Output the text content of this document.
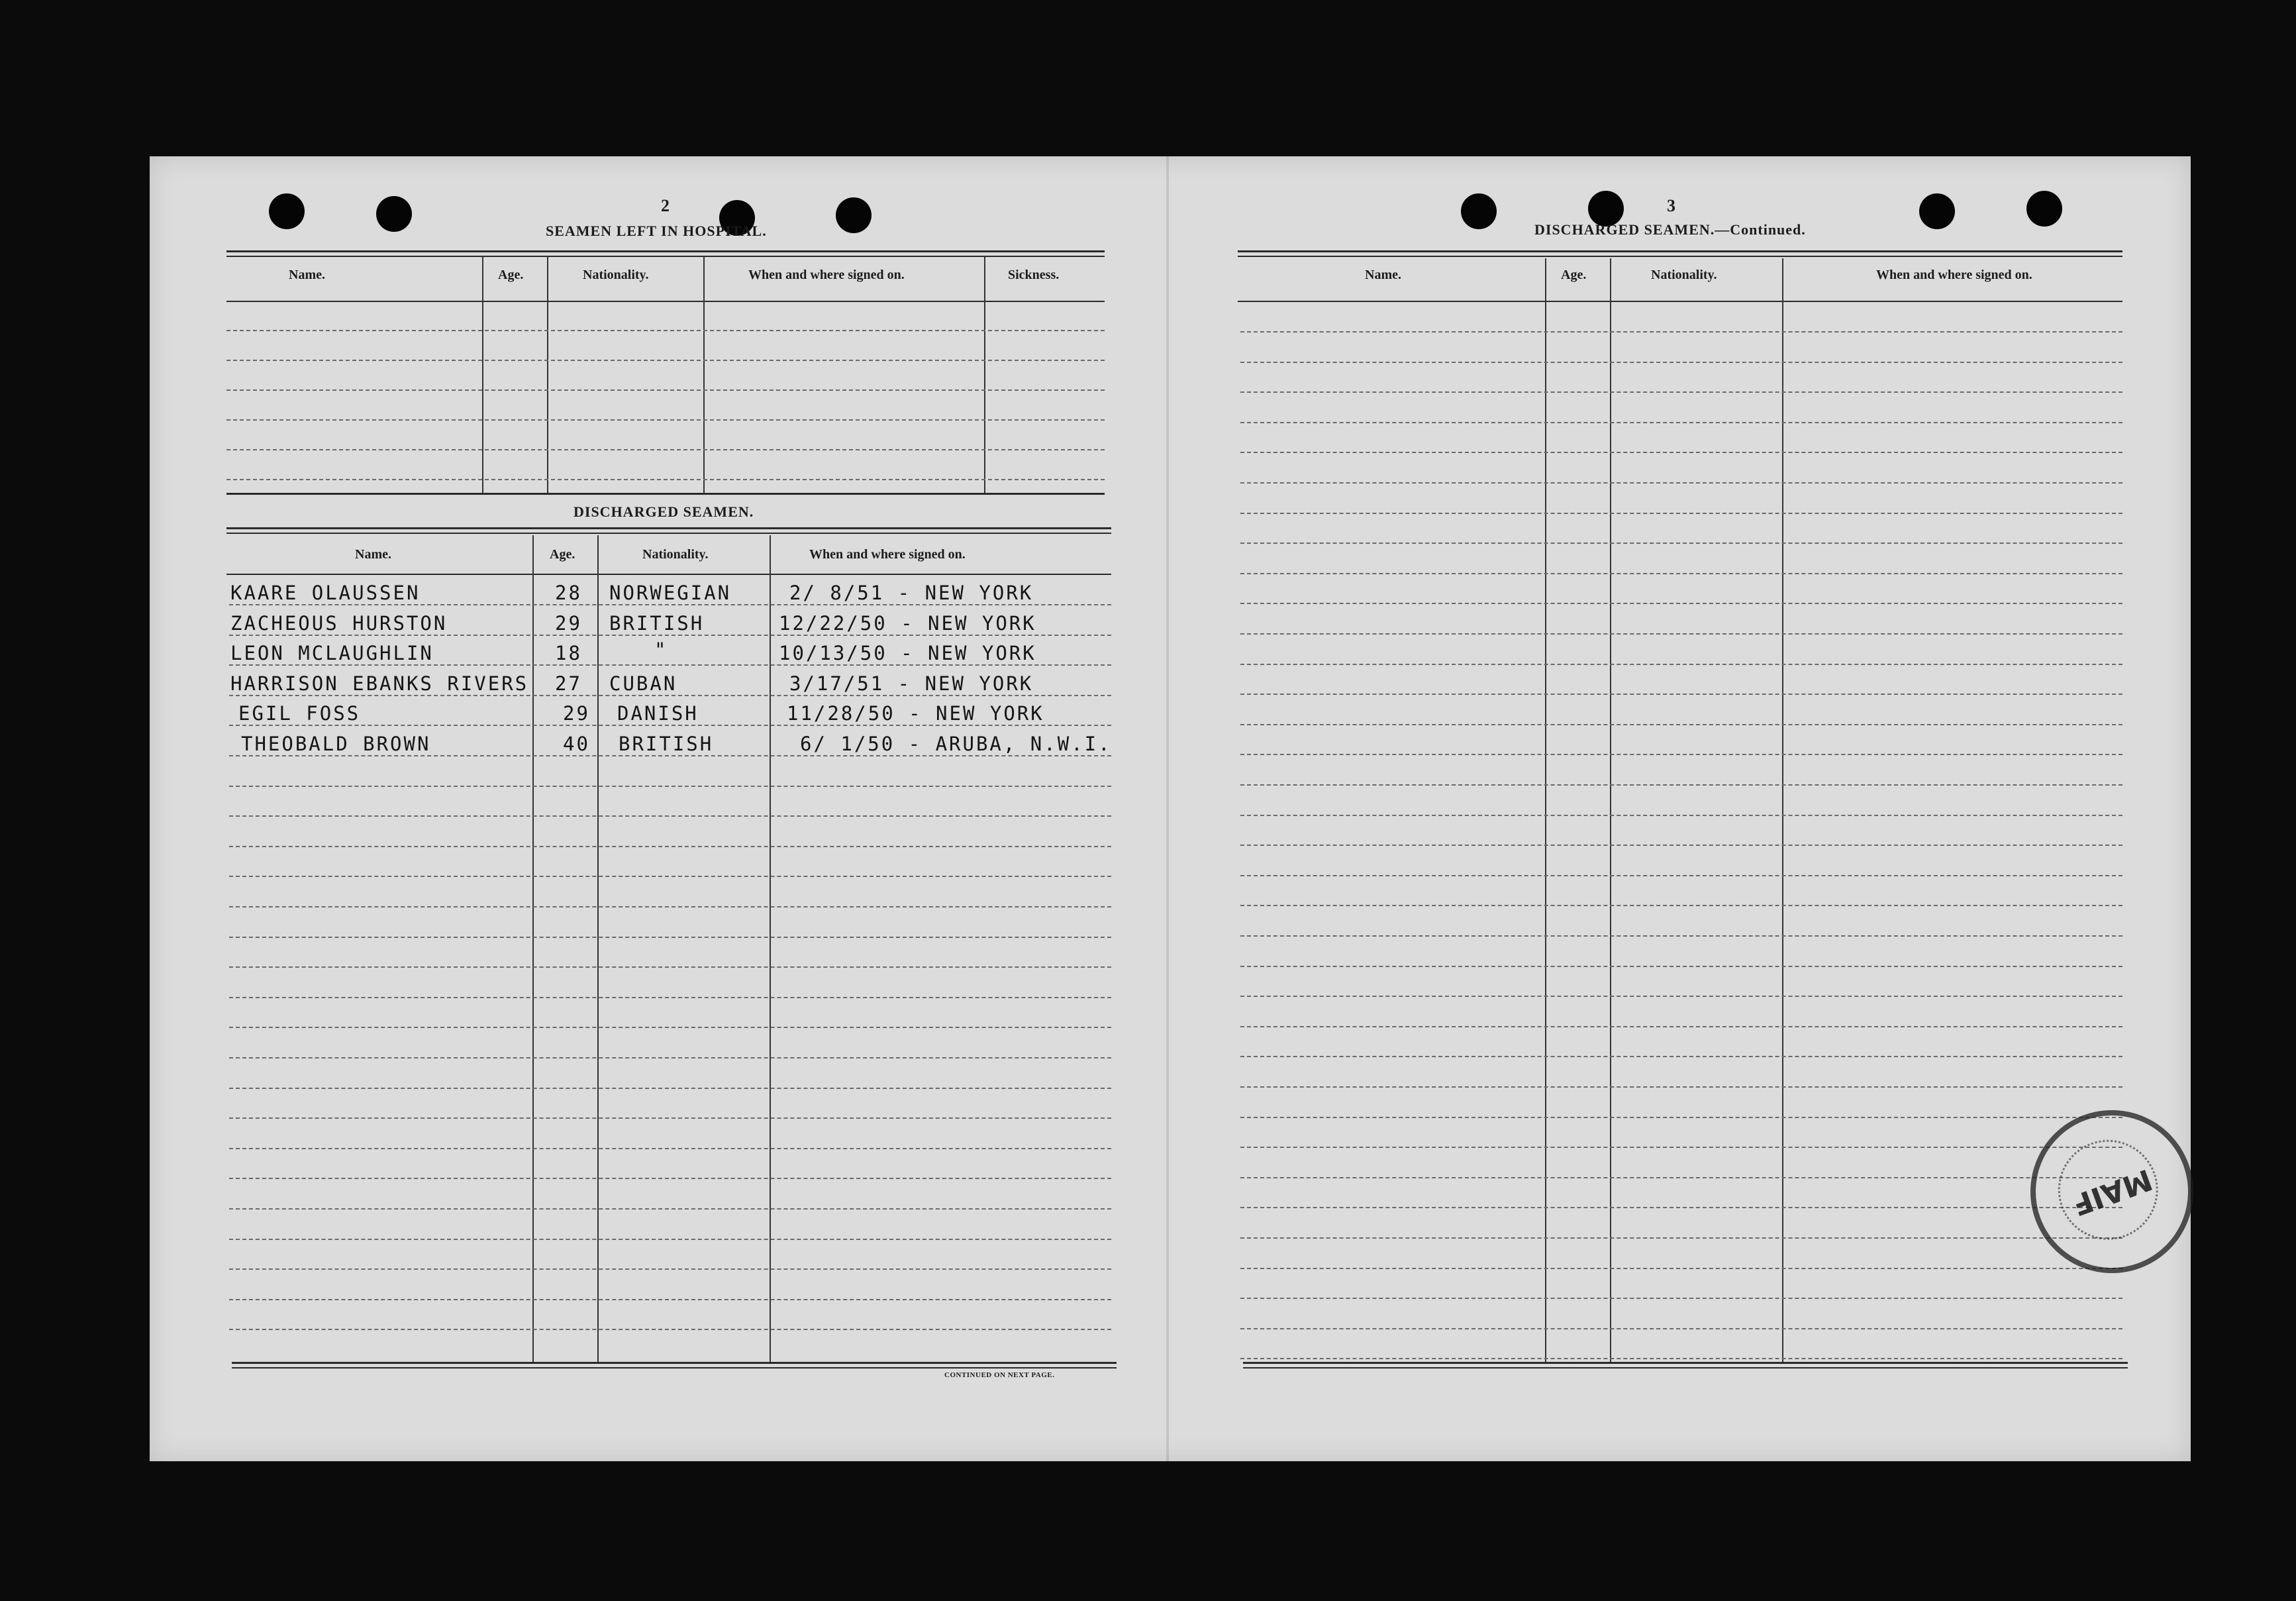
2
SEAMEN LEFT IN HOSPITAL.
Name.	Age.	Nationality.	When and where signed on.	Sickness.
DISCHARGED SEAMEN.
Name.	Age.	Nationality.	When and where signed on.
KAARE OLAUSSEN	28 NORWEGIAN	2/ 8/51 - NEW YORK
ZACHEOUS HURSTON	29 BRITISH	12/22/50 - NEW YORK
LEON MCLAUGHLIN	18	"	10/13/50 - NEW YORK
HARRISON EBANKS RIVERS 27 CUBAN	3/17/51 - NEW YORK
EGIL FOSS	29 DANISH	11/28/50 - NEW YORK
THEOBALD BROWN	40 BRITISH	6/ 1/50 - ARUBA, N.W.I.
CONTINUED ON NEXT PAGE.
3
DISCHARGED SEAMEN.—Continued.
Name.	Age.	Nationality.	When and where signed on.
MAIF
